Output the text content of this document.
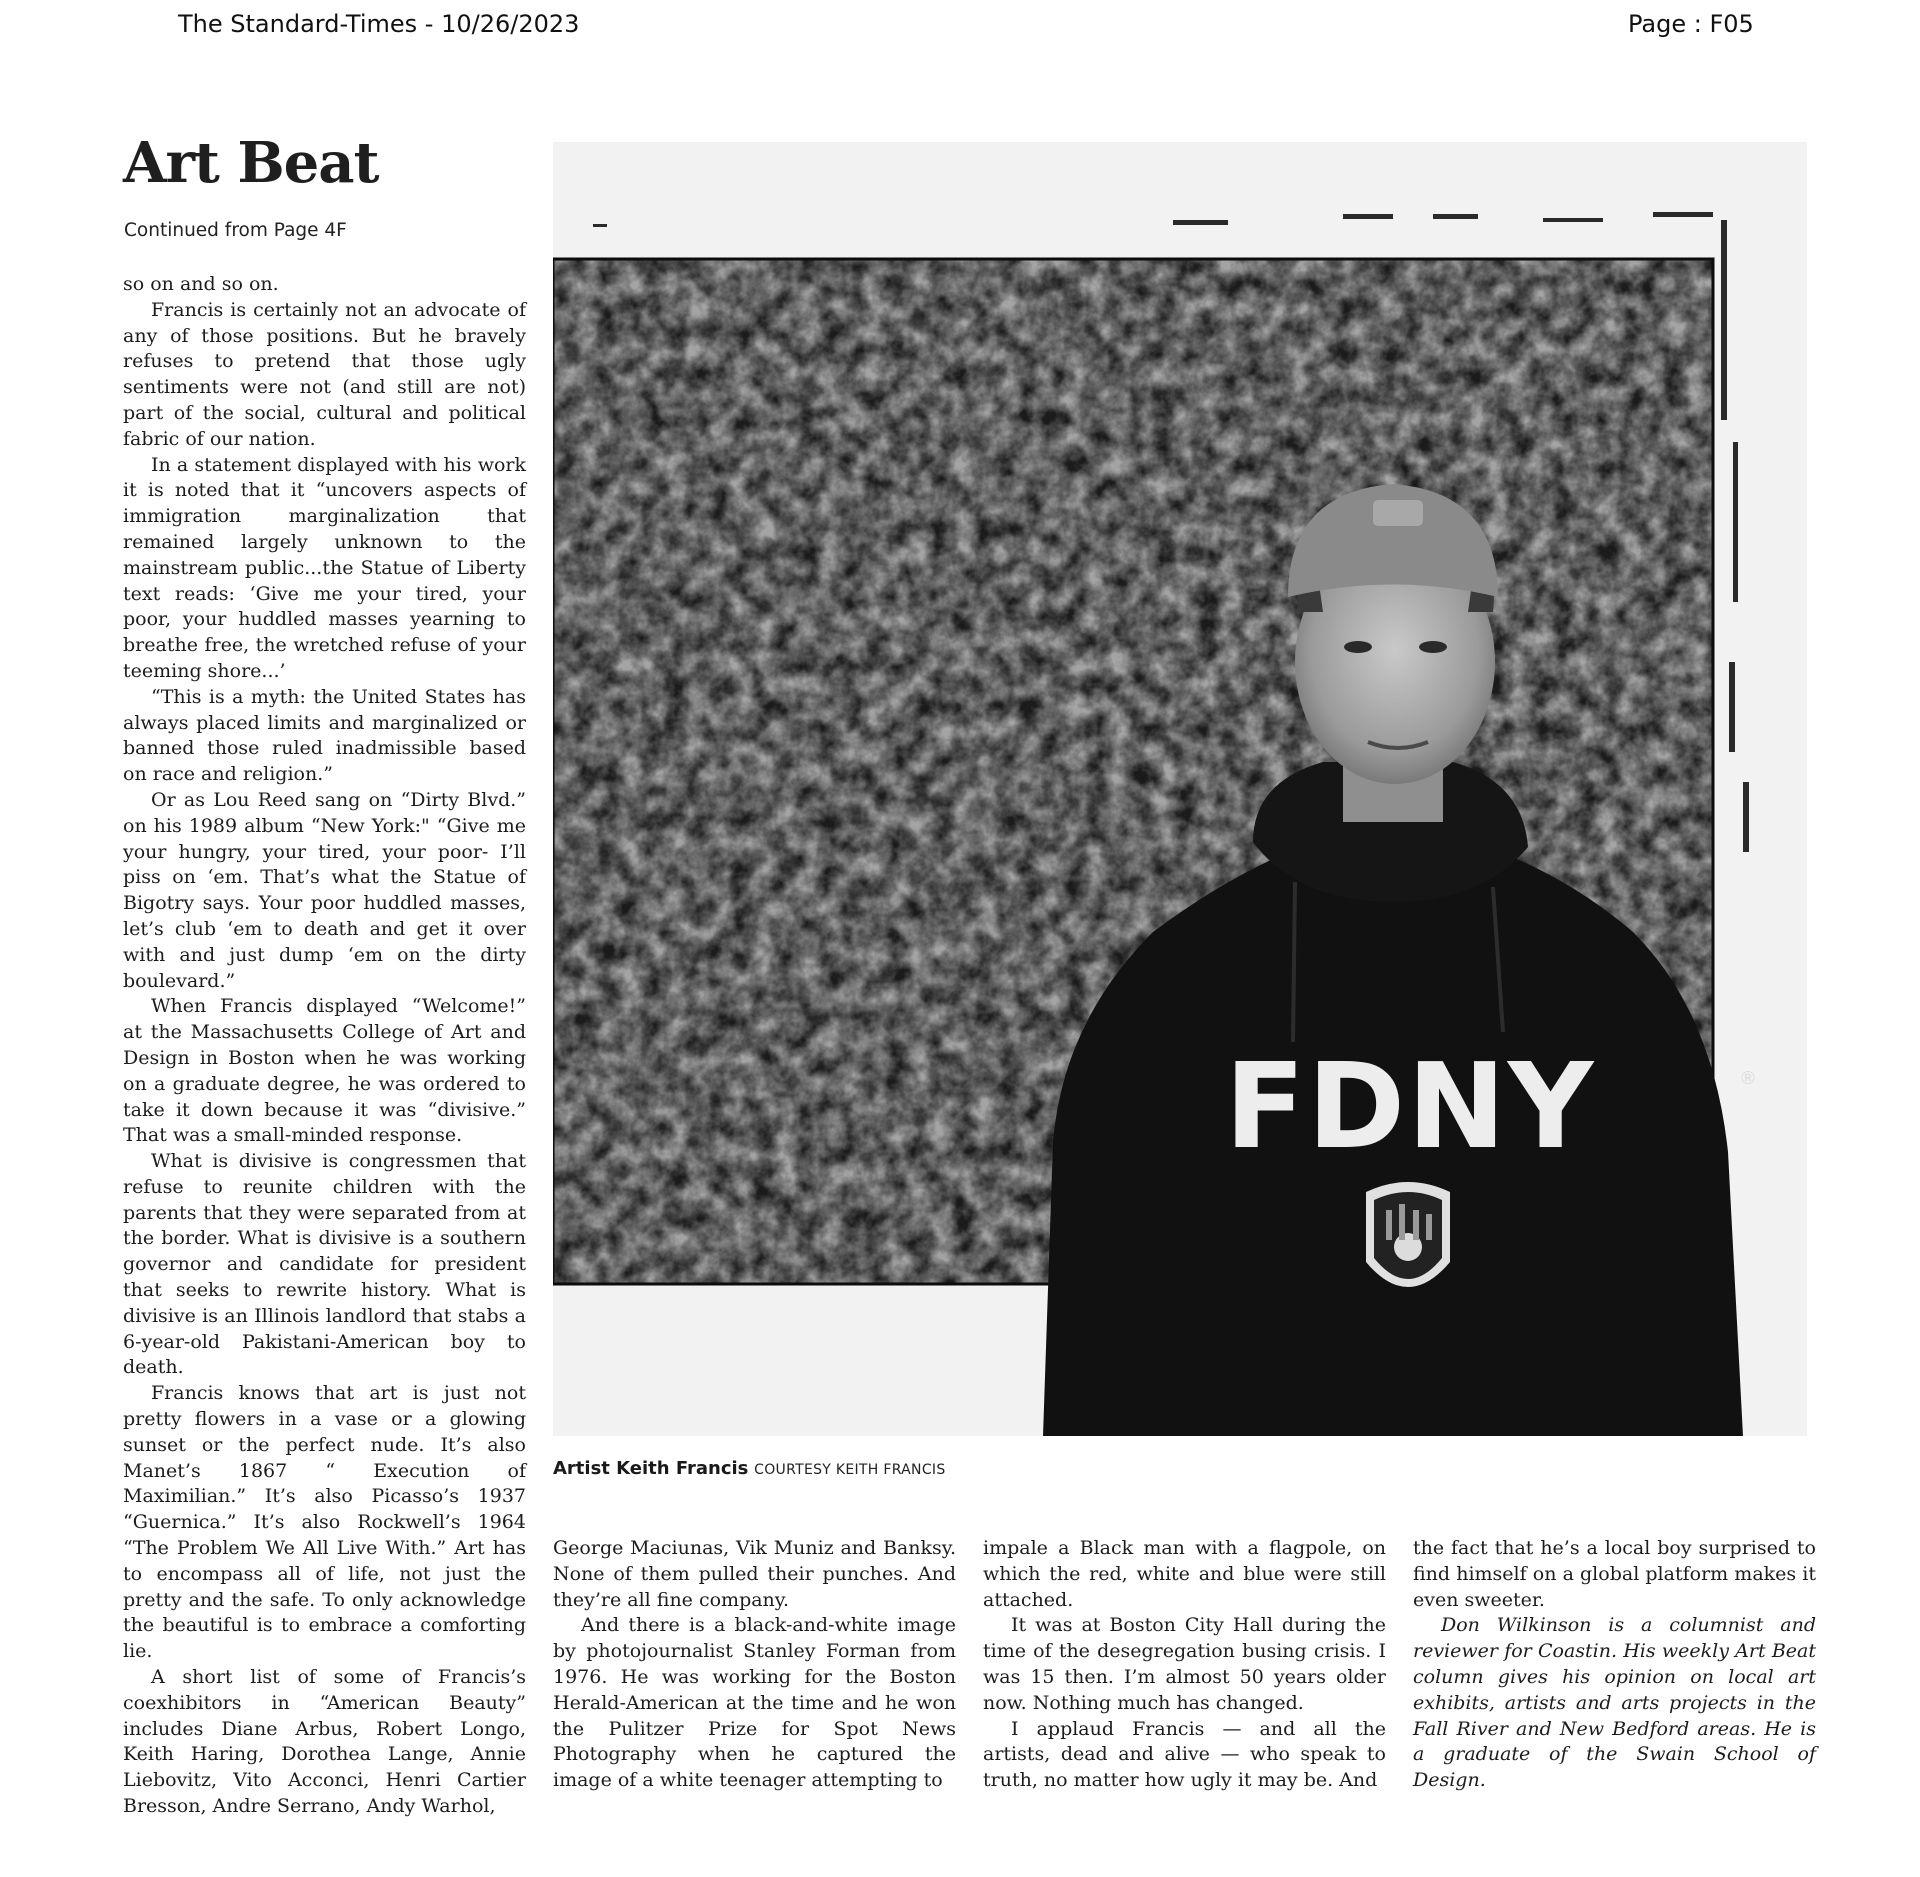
The Standard-Times - 10/26/2023	Page : F05
Art Beat
Continued from Page 4F

so on and so on.

Francis is certainly not an advocate of any of those positions. But he bravely refuses to pretend that those ugly sentiments were not (and still are not) part of the social, cultural and political fabric of our nation.

In a statement displayed with his work it is noted that it “uncovers aspects of immigration marginalization that remained largely unknown to the mainstream public...the Statue of Liberty text reads: ‘Give me your tired, your poor, your huddled masses yearning to breathe free, the wretched refuse of your teeming shore...’

“This is a myth: the United States has always placed limits and marginalized or banned those ruled inadmissible based on race and religion.”

Or as Lou Reed sang on “Dirty Blvd.” on his 1989 album “New York:" “Give me your hungry, your tired, your poor- I’ll piss on ‘em. That’s what the Statue of Bigotry says. Your poor huddled masses, let’s club ‘em to death and get it over with and just dump ‘em on the dirty boulevard.”

When Francis displayed “Welcome!” at the Massachusetts College of Art and Design in Boston when he was working on a graduate degree, he was ordered to take it down because it was “divisive.” That was a small-minded response.

What is divisive is congressmen that refuse to reunite children with the parents that they were separated from at the border. What is divisive is a southern governor and candidate for president that seeks to rewrite history. What is divisive is an Illinois landlord that stabs a 6-year-old Pakistani-American boy to death.

Francis knows that art is just not pretty flowers in a vase or a glowing sunset or the perfect nude. It’s also Manet’s 1867 “ Execution of Maximilian.” It’s also Picasso’s 1937 “Guernica.” It’s also Rockwell’s 1964 “The Problem We All Live With.” Art has to encompass all of life, not just the pretty and the safe. To only acknowledge the beautiful is to embrace a comforting lie.

A short list of some of Francis’s coexhibitors in “American Beauty” includes Diane Arbus, Robert Longo, Keith Haring, Dorothea Lange, Annie Liebovitz, Vito Acconci, Henri Cartier Bresson, Andre Serrano, Andy Warhol,

FDNY	®
Artist Keith Francis COURTESY KEITH FRANCIS

George Maciunas, Vik Muniz and Banksy. None of them pulled their punches. And they’re all fine company.

And there is a black-and-white image by photojournalist Stanley Forman from 1976. He was working for the Boston Herald-American at the time and he won the Pulitzer Prize for Spot News Photography when he captured the image of a white teenager attempting to

impale a Black man with a flagpole, on which the red, white and blue were still attached.

It was at Boston City Hall during the time of the desegregation busing crisis. I was 15 then. I’m almost 50 years older now. Nothing much has changed.

I applaud Francis — and all the artists, dead and alive — who speak to truth, no matter how ugly it may be. And

the fact that he’s a local boy surprised to find himself on a global platform makes it even sweeter.

Don Wilkinson is a columnist and reviewer for Coastin. His weekly Art Beat column gives his opinion on local art exhibits, artists and arts projects in the Fall River and New Bedford areas. He is a graduate of the Swain School of Design.
